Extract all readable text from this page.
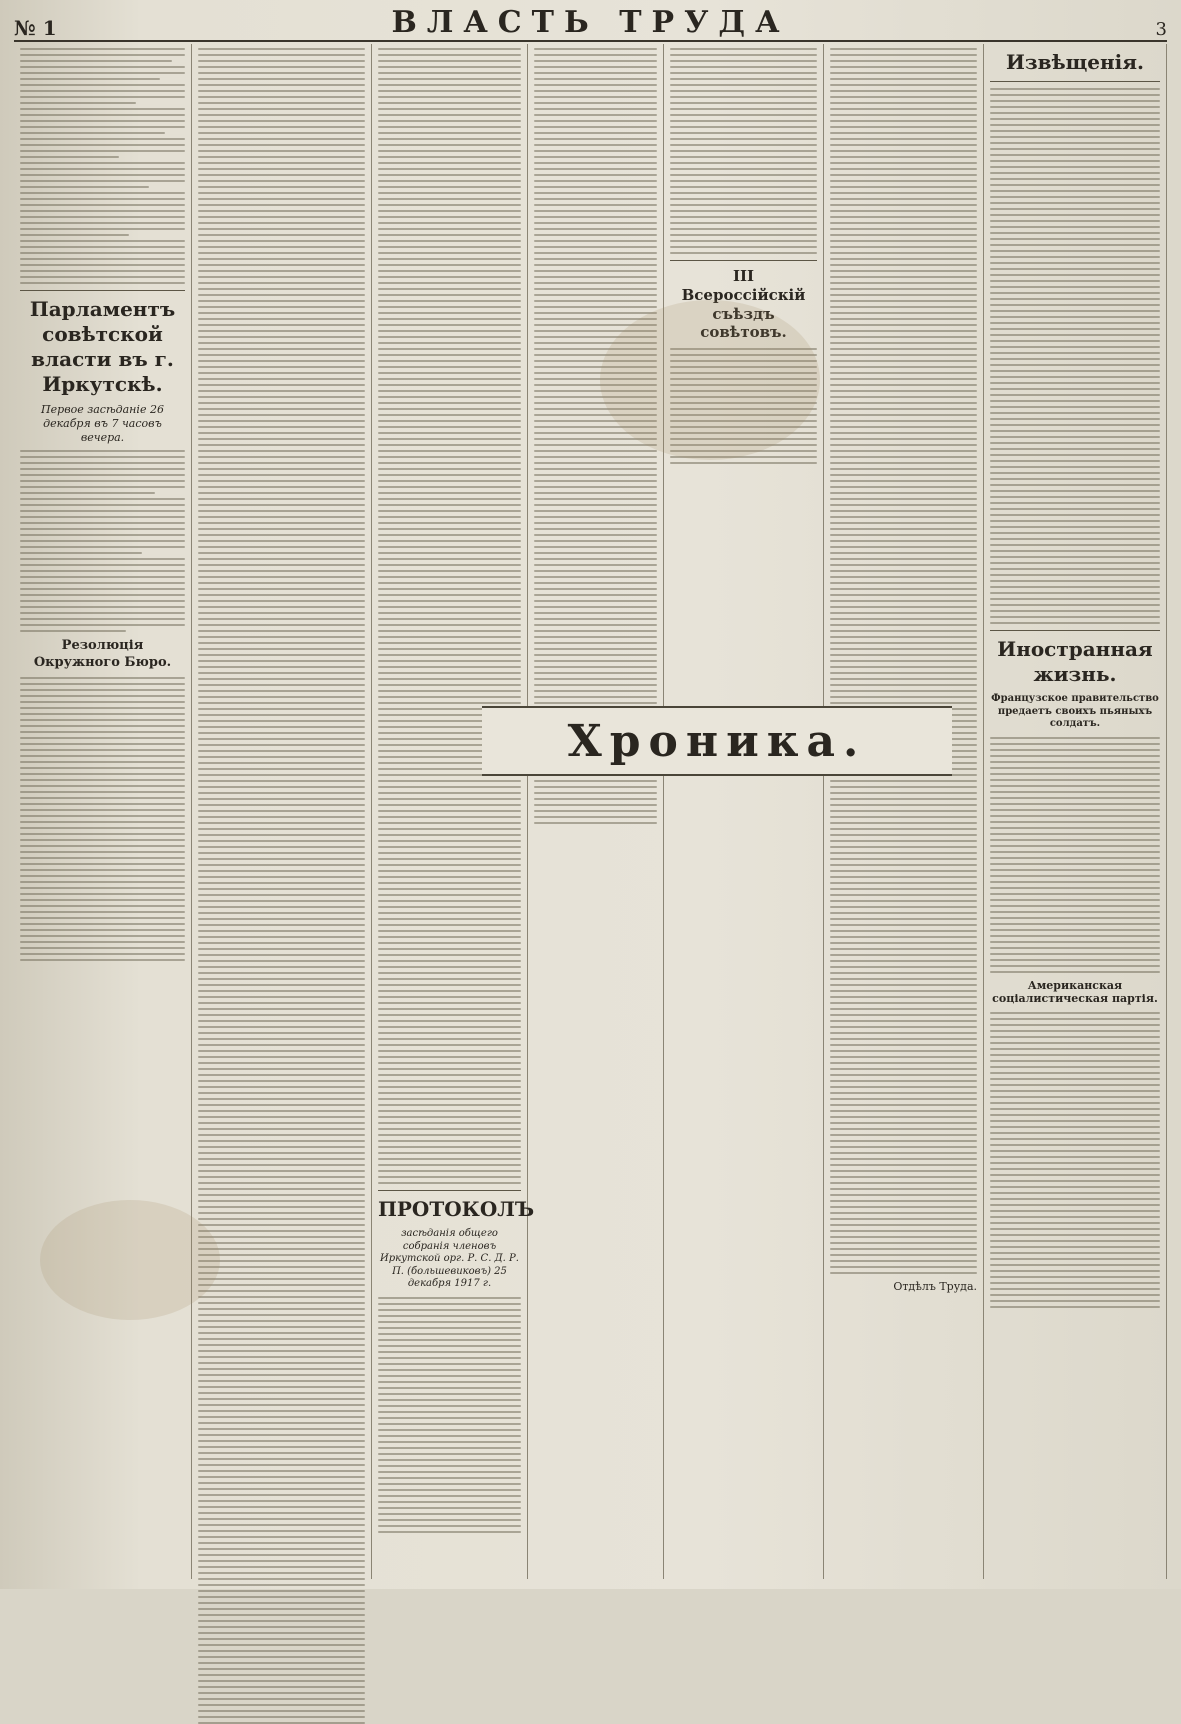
№ 1	ВЛАСТЬ ТРУДА	3
Парламентъ совѣтской власти въ г. Иркутскѣ.
Первое засѣданіе 26 декабря въ 7 часовъ вечера.
Резолюція Окружного Бюро.
ПРОТОКОЛЪ
засѣданія общего собранія членовъ Иркутской орг. Р. С. Д. Р. П. (большевиковъ) 25 декабря 1917 г.
III Всероссійскій съѣздъ совѣтовъ.
Отдѣлъ Труда.
Извѣщенія.
Иностранная жизнь.
Французское правительство предаетъ своихъ пьяныхъ солдатъ.
Американская соціалистическая партія.
Хроника.
